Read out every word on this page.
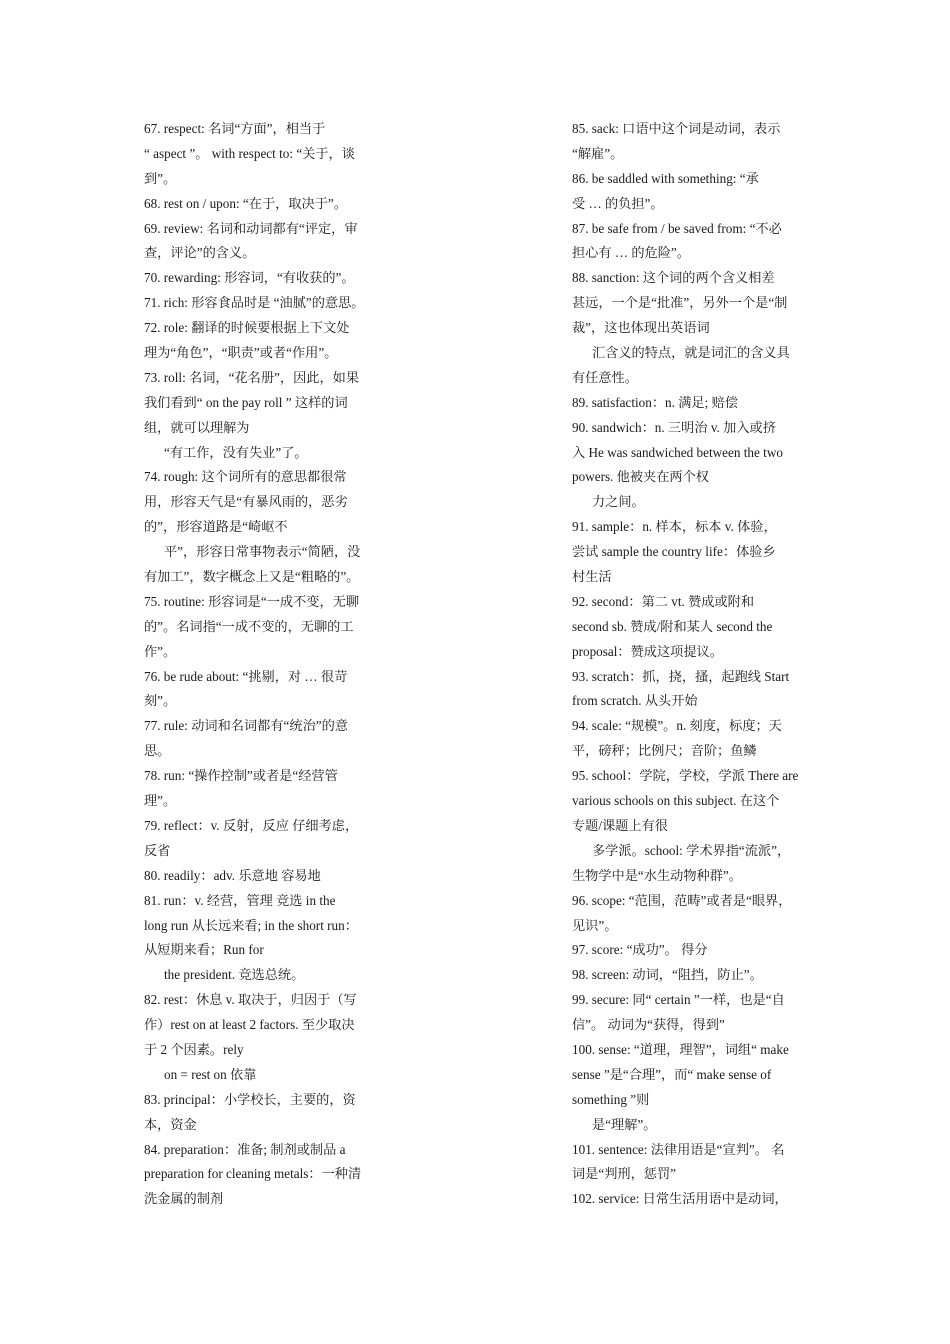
67. respect: 名词“方面”，相当于
“ aspect ”。 with respect to: “关于，谈
到”。
68. rest on / upon: “在于，取决于”。
69. review: 名词和动词都有“评定，审
查，评论”的含义。
70. rewarding: 形容词，“有收获的”。
71. rich: 形容食品时是 “油腻”的意思。
72. role: 翻译的时候要根据上下文处
理为“角色”，“职责”或者“作用”。
73. roll: 名词，“花名册”，因此，如果
我们看到“ on the pay roll ” 这样的词
组，就可以理解为
“有工作，没有失业”了。
74. rough: 这个词所有的意思都很常
用，形容天气是“有暴风雨的，恶劣
的”，形容道路是“崎岖不
平”，形容日常事物表示“简陋，没
有加工”，数字概念上又是“粗略的”。
75. routine: 形容词是“一成不变，无聊
的”。名词指“一成不变的，无聊的工
作”。
76. be rude about: “挑剔，对 … 很苛
刻”。
77. rule: 动词和名词都有“统治”的意
思。
78. run: “操作控制”或者是“经营管
理”。
79. reflect：v. 反射，反应 仔细考虑，
反省
80. readily：adv. 乐意地 容易地
81. run：v. 经营，管理 竞选 in the
long run 从长远来看; in the short run：
从短期来看；Run for
the president. 竞选总统。
82. rest：休息 v. 取决于，归因于（写
作）rest on at least 2 factors. 至少取决
于 2 个因素。rely
on = rest on 依靠
83. principal：小学校长，主要的，资
本，资金
84. preparation：准备; 制剂或制品 a
preparation for cleaning metals：一种清
洗金属的制剂
85. sack: 口语中这个词是动词，表示
“解雇”。
86. be saddled with something: “承
受 … 的负担”。
87. be safe from / be saved from: “不必
担心有 … 的危险”。
88. sanction: 这个词的两个含义相差
甚远，一个是“批准”，另外一个是“制
裁”，这也体现出英语词
汇含义的特点，就是词汇的含义具
有任意性。
89. satisfaction：n. 满足; 赔偿
90. sandwich：n. 三明治 v. 加入或挤
入 He was sandwiched between the two
powers. 他被夹在两个权
力之间。
91. sample：n. 样本，标本 v. 体验，
尝试 sample the country life：体验乡
村生活
92. second：第二 vt. 赞成或附和
second sb. 赞成/附和某人 second the
proposal：赞成这项提议。
93. scratch：抓，挠，搔，起跑线 Start
from scratch. 从头开始
94. scale: “规模”。n. 刻度，标度；天
平，磅秤；比例尺；音阶；鱼鳞
95. school：学院，学校，学派 There are
various schools on this subject. 在这个
专题/课题上有很
多学派。school: 学术界指“流派”，
生物学中是“水生动物种群”。
96. scope: “范围，范畴”或者是“眼界，
见识”。
97. score: “成功”。 得分
98. screen: 动词，“阻挡，防止”。
99. secure: 同“ certain ”一样，也是“自
信”。 动词为“获得，得到”
100. sense: “道理，理智”，词组“ make
sense ”是“合理”，而“ make sense of
something ”则
是“理解”。
101. sentence: 法律用语是“宣判”。 名
词是“判刑，惩罚”
102. service: 日常生活用语中是动词，
